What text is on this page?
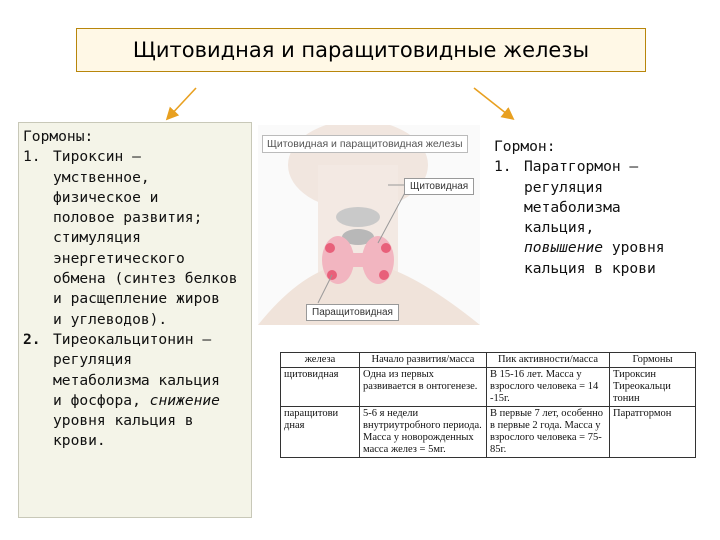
Щитовидная и паращитовидные железы

Гормоны:

1. Тироксин –
умственное,
физическое и
половое развития;
стимуляция
энергетического
обмена (синтез белков
и расщепление жиров
и углеводов).
2. Тиреокальцитонин –
регуляция
метаболизма кальция
и фосфора, снижение
уровня кальция в
крови.
Щитовидная и паращитовидная железы
Щитовидная
Паращитовидная

Гормон:

1. Паратгормон –
регуляция
метаболизма
кальция,
повышение уровня
кальция в крови
железа	Начало развития/масса	Пик активности/масса	Гормоны
щитовидная	Одна из первых развивается в онтогенезе.	В 15-16 лет. Масса у взрослого человека = 14 -15г.	Тироксин Тиреокальци тонин
паращитови дная	5-6 я недели внутриутробного периода. Масса у новорожденных масса желез = 5мг.	В первые 7 лет, особенно в первые 2 года. Масса у взрослого человека = 75-85г.	Паратгормон
